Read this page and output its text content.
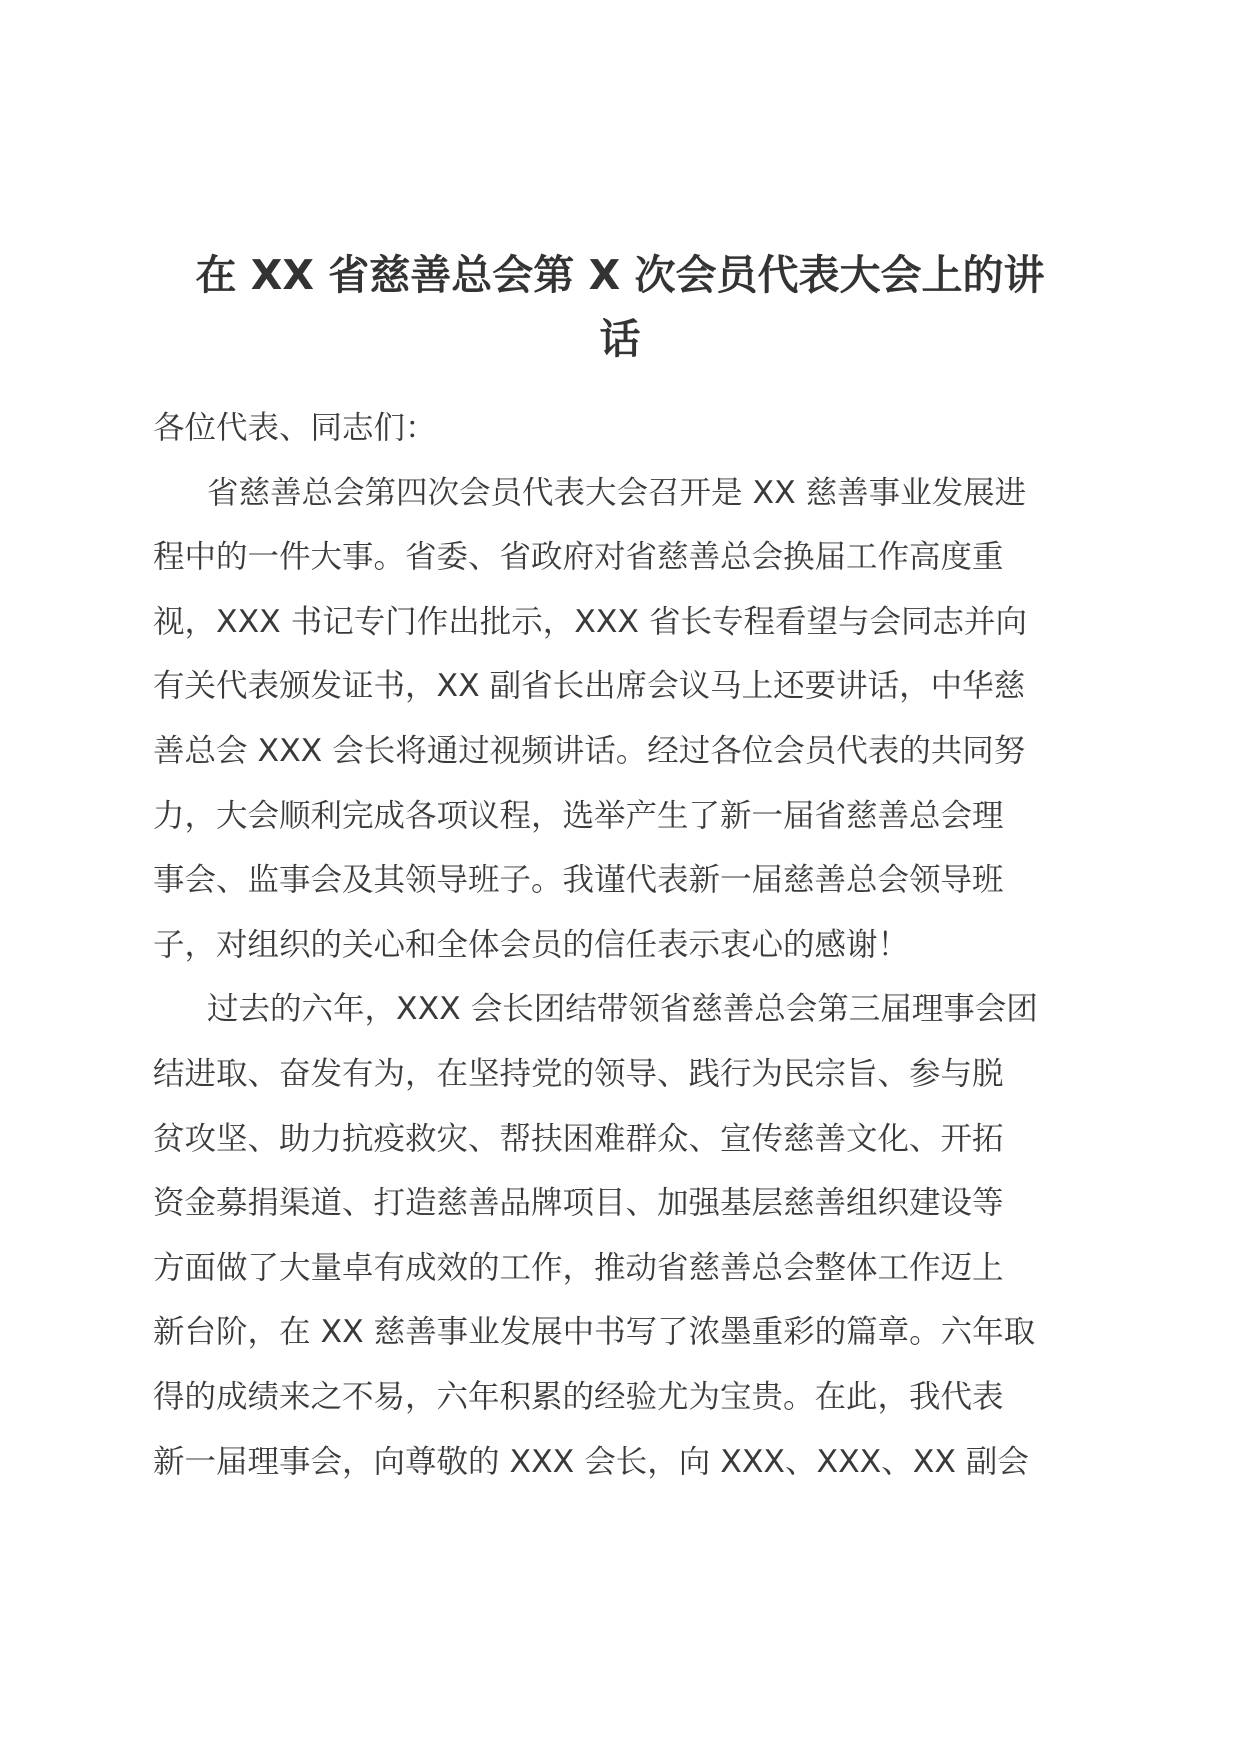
在 XX 省慈善总会第 X 次会员代表大会上的讲
话
各位代表、同志们：
省慈善总会第四次会员代表大会召开是 XX 慈善事业发展进
程中的一件大事。省委、省政府对省慈善总会换届工作高度重
视，XXX 书记专门作出批示，XXX 省长专程看望与会同志并向
有关代表颁发证书，XX 副省长出席会议马上还要讲话，中华慈
善总会 XXX 会长将通过视频讲话。经过各位会员代表的共同努
力，大会顺利完成各项议程，选举产生了新一届省慈善总会理
事会、监事会及其领导班子。我谨代表新一届慈善总会领导班
子，对组织的关心和全体会员的信任表示衷心的感谢！
过去的六年，XXX 会长团结带领省慈善总会第三届理事会团
结进取、奋发有为，在坚持党的领导、践行为民宗旨、参与脱
贫攻坚、助力抗疫救灾、帮扶困难群众、宣传慈善文化、开拓
资金募捐渠道、打造慈善品牌项目、加强基层慈善组织建设等
方面做了大量卓有成效的工作，推动省慈善总会整体工作迈上
新台阶，在 XX 慈善事业发展中书写了浓墨重彩的篇章。六年取
得的成绩来之不易，六年积累的经验尤为宝贵。在此，我代表
新一届理事会，向尊敬的 XXX 会长，向 XXX、XXX、XX 副会
